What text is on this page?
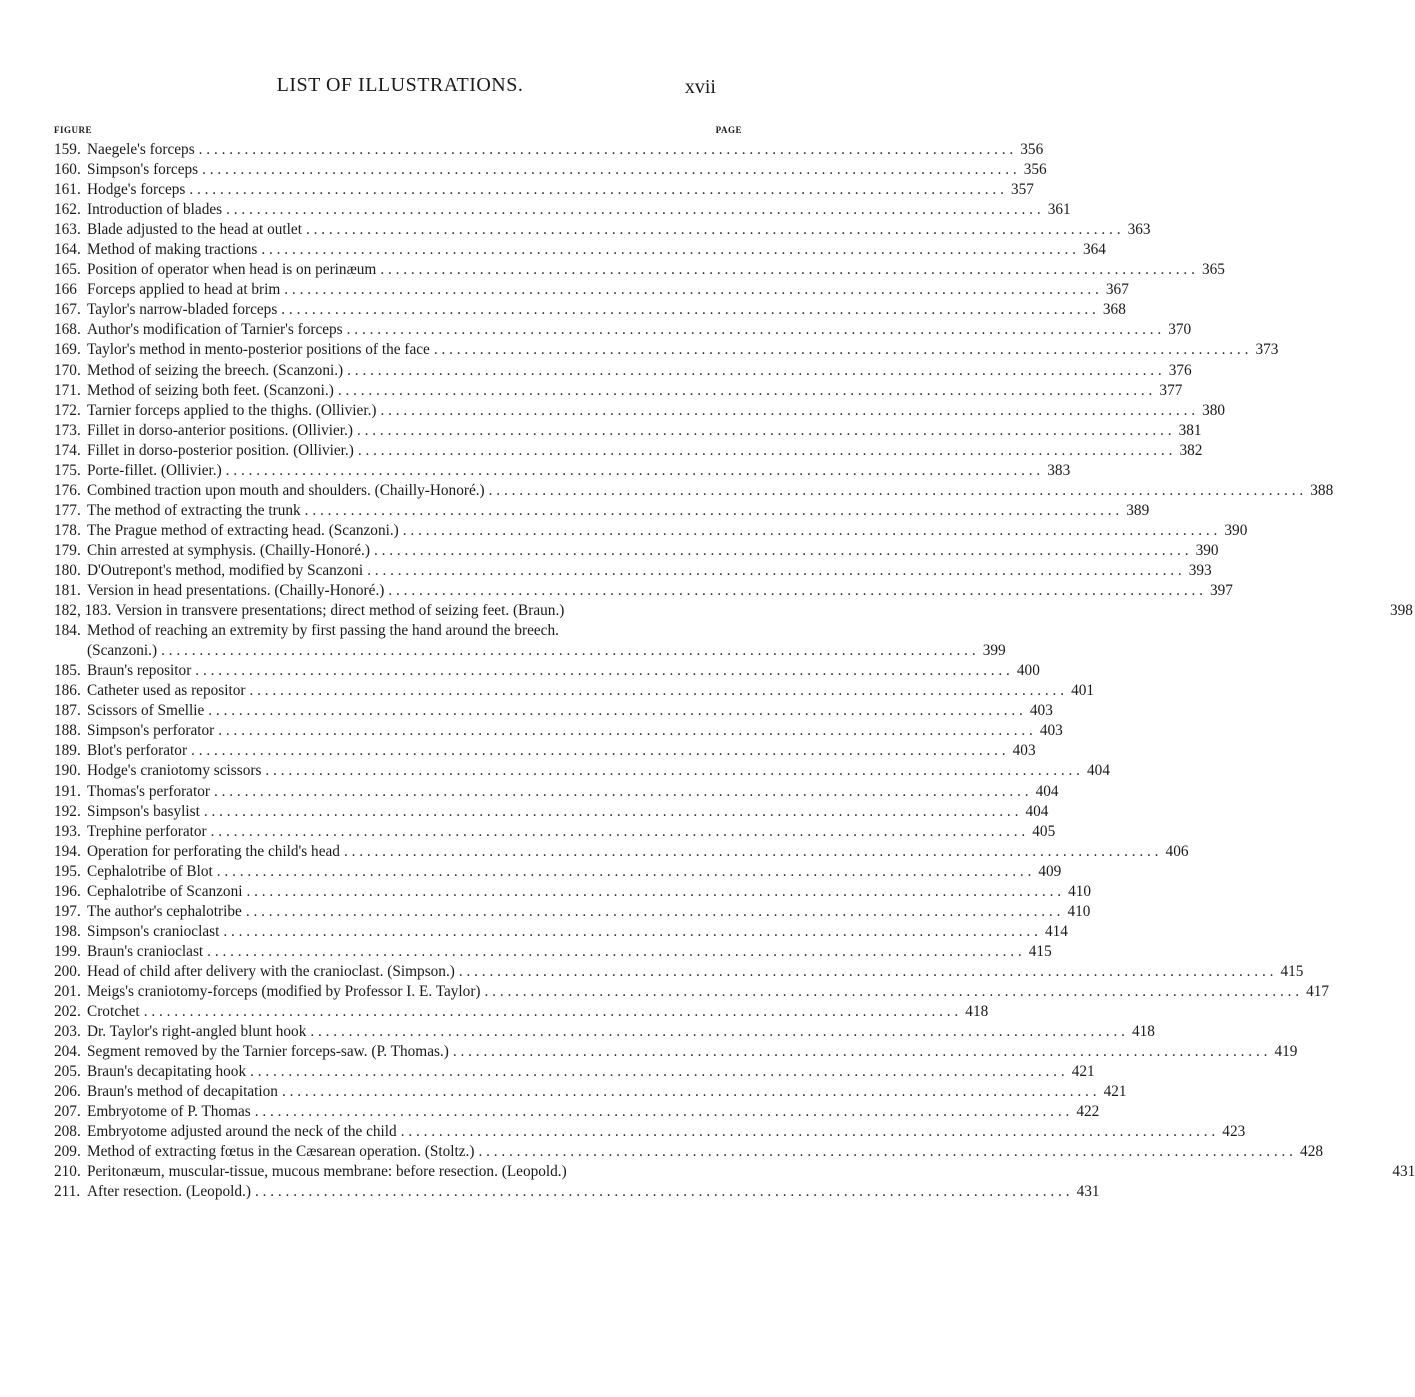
LIST OF ILLUSTRATIONS.	xvii
FIGURE	PAGE
159. Naegele's forceps . . .	356
160. Simpson's forceps . . .	356
161. Hodge's forceps . . .	357
162. Introduction of blades . . .	361
163. Blade adjusted to the head at outlet . . .	363
164. Method of making tractions . . .	364
165. Position of operator when head is on perinæum . . .	365
166 Forceps applied to head at brim . . .	367
167. Taylor's narrow-bladed forceps . . .	368
168. Author's modification of Tarnier's forceps . . .	370
169. Taylor's method in mento-posterior positions of the face . . .	373
170. Method of seizing the breech. (Scanzoni.) . . .	376
171. Method of seizing both feet. (Scanzoni.) . . .	377
172. Tarnier forceps applied to the thighs. (Ollivier.) . . .	380
173. Fillet in dorso-anterior positions. (Ollivier.) . . .	381
174. Fillet in dorso-posterior position. (Ollivier.) . . .	382
175. Porte-fillet. (Ollivier.) . . .	383
176. Combined traction upon mouth and shoulders. (Chailly-Honoré.) . . .	388
177. The method of extracting the trunk . . .	389
178. The Prague method of extracting head. (Scanzoni.) . . .	390
179. Chin arrested at symphysis. (Chailly-Honoré.) . . .	390
180. D'Outrepont's method, modified by Scanzoni . . .	393
181. Version in head presentations. (Chailly-Honoré.) . . .	397
182, 183. Version in transvere presentations; direct method of seizing feet. (Braun.)	398
184. Method of reaching an extremity by first passing the hand around the breech.
(Scanzoni.) . . .	399
185. Braun's repositor . . .	400
186. Catheter used as repositor . . .	401
187. Scissors of Smellie . . .	403
188. Simpson's perforator . . .	403
189. Blot's perforator . . .	403
190. Hodge's craniotomy scissors . . .	404
191. Thomas's perforator . . .	404
192. Simpson's basylist . . .	404
193. Trephine perforator . . .	405
194. Operation for perforating the child's head . . .	406
195. Cephalotribe of Blot . . .	409
196. Cephalotribe of Scanzoni . . .	410
197. The author's cephalotribe . . .	410
198. Simpson's cranioclast . . .	414
199. Braun's cranioclast . . .	415
200. Head of child after delivery with the cranioclast. (Simpson.) . . .	415
201. Meigs's craniotomy-forceps (modified by Professor I. E. Taylor) . . .	417
202. Crotchet . . .	418
203. Dr. Taylor's right-angled blunt hook . . .	418
204. Segment removed by the Tarnier forceps-saw. (P. Thomas.) . . .	419
205. Braun's decapitating hook . . .	421
206. Braun's method of decapitation . . .	421
207. Embryotome of P. Thomas . . .	422
208. Embryotome adjusted around the neck of the child . . .	423
209. Method of extracting fœtus in the Cæsarean operation. (Stoltz.) . . .	428
210. Peritonæum, muscular-tissue, mucous membrane: before resection. (Leopold.)	431
211. After resection. (Leopold.) . . .	431
